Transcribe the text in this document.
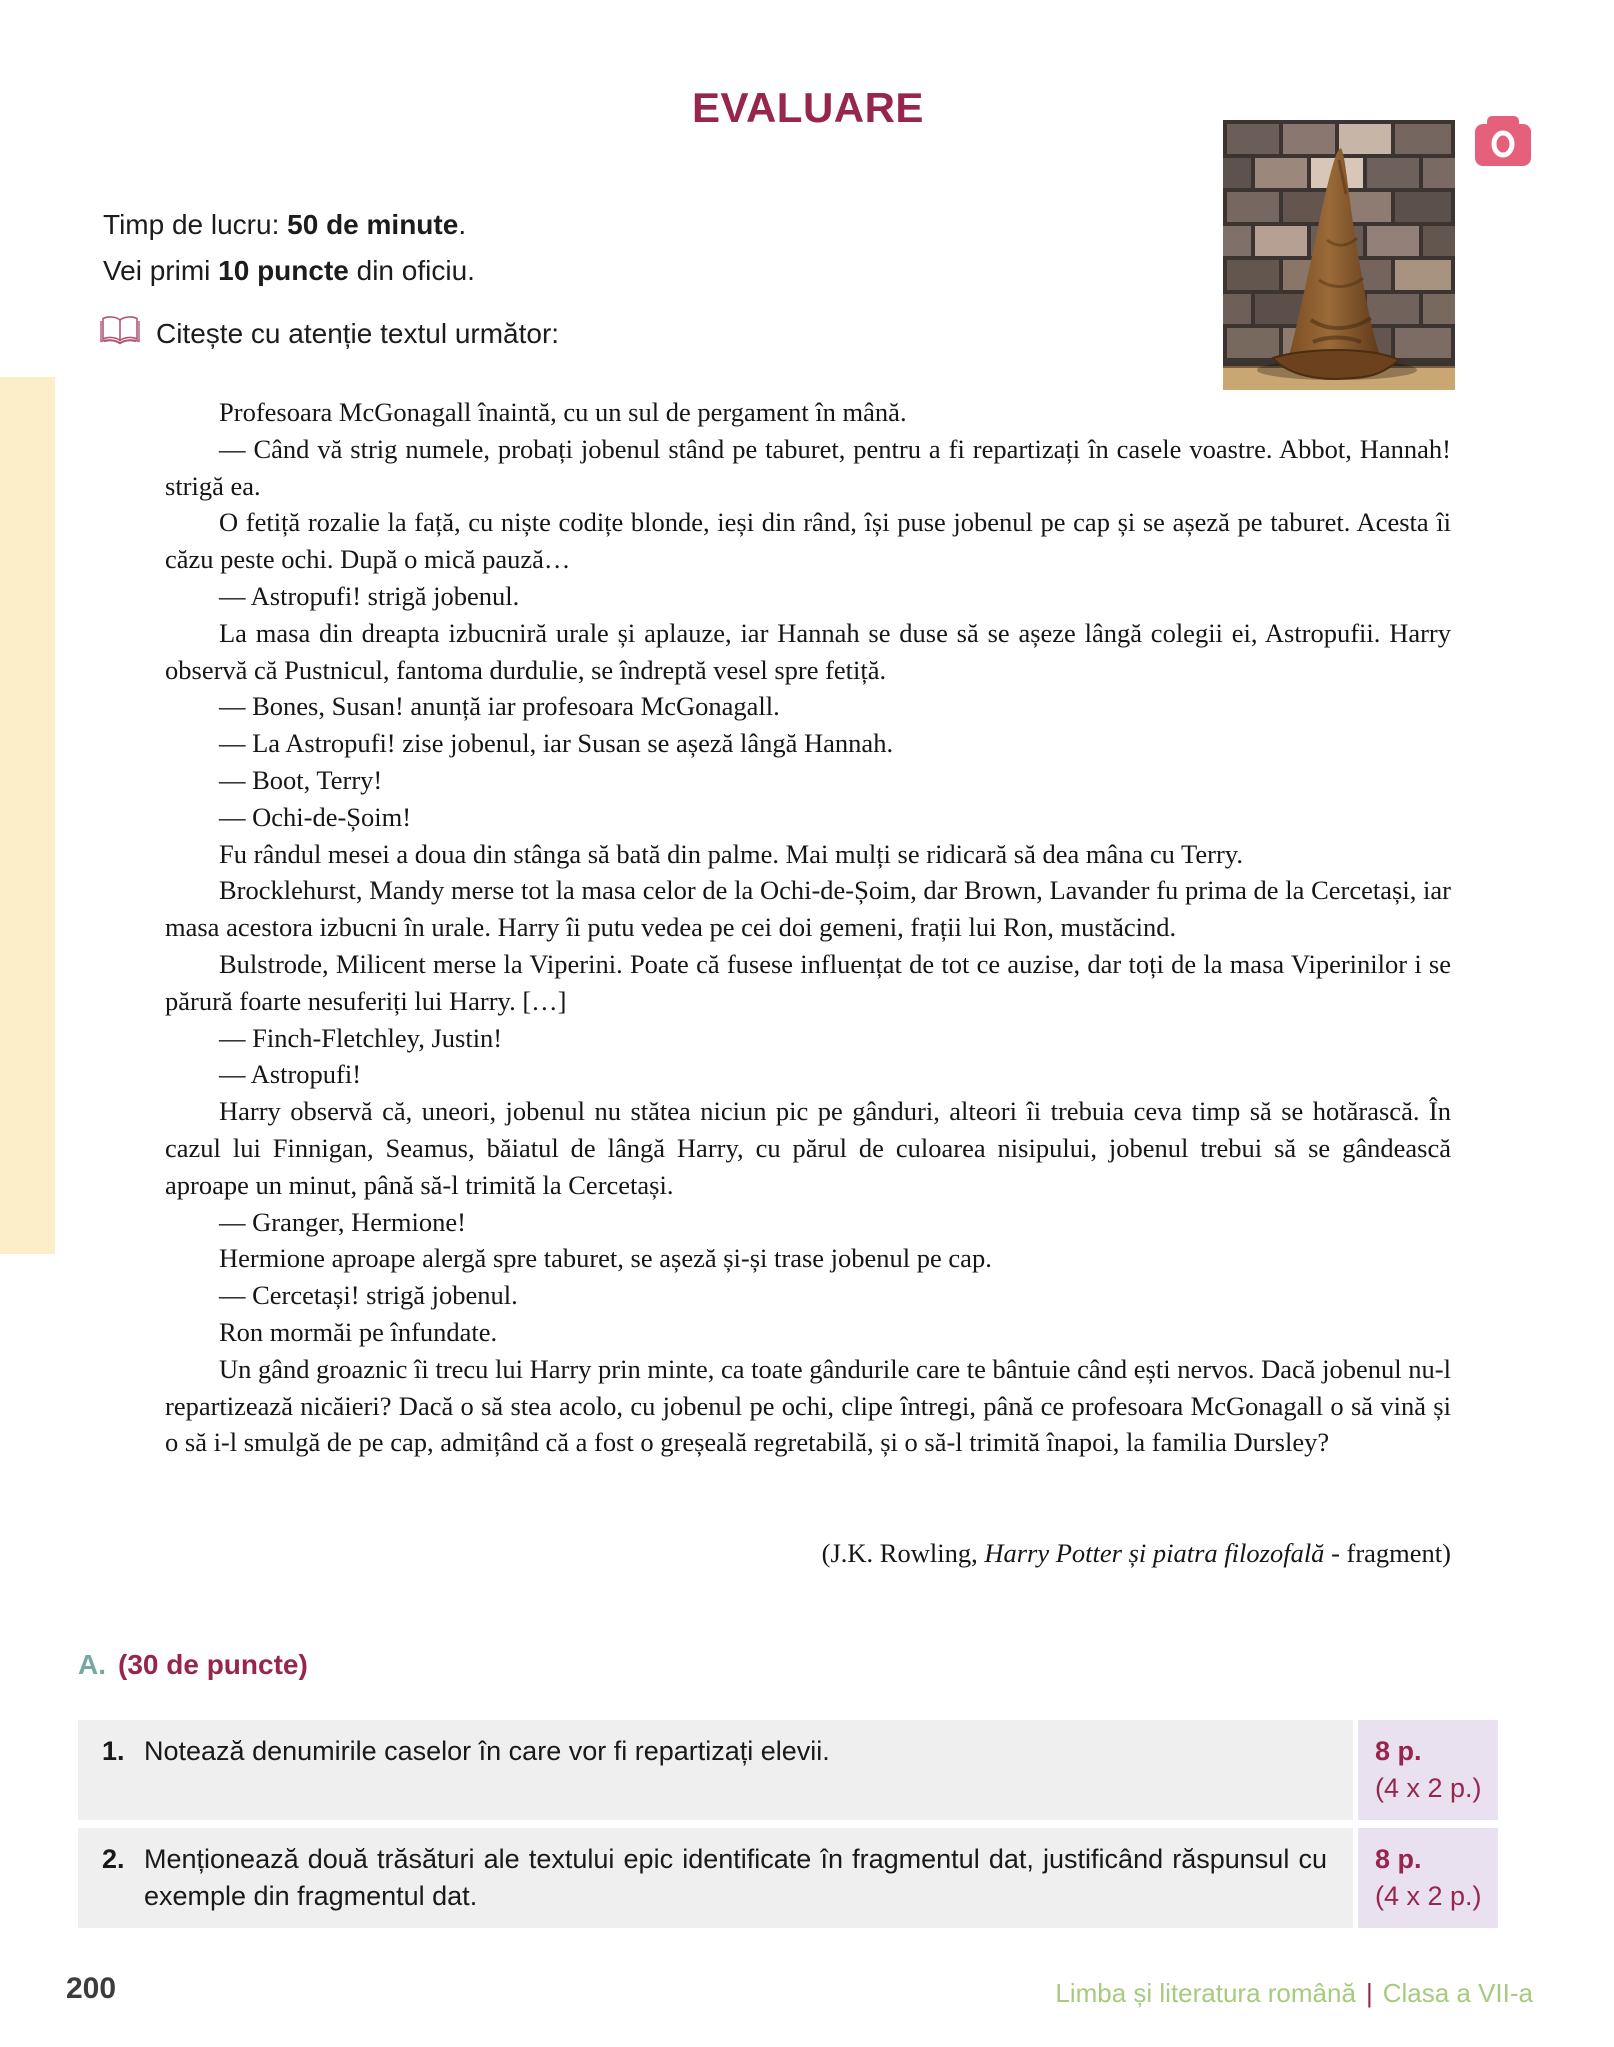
EVALUARE
Timp de lucru: 50 de minute.
Vei primi 10 puncte din oficiu.
Citește cu atenție textul următor:

Profesoara McGonagall înaintă, cu un sul de pergament în mână.

— Când vă strig numele, probați jobenul stând pe taburet, pentru a fi repartizați în casele voastre. Abbot, Hannah! strigă ea.

O fetiță rozalie la față, cu niște codițe blonde, ieși din rând, își puse jobenul pe cap și se așeză pe taburet. Acesta îi căzu peste ochi. După o mică pauză…

— Astropufi! strigă jobenul.

La masa din dreapta izbucniră urale și aplauze, iar Hannah se duse să se așeze lângă colegii ei, Astropufii. Harry observă că Pustnicul, fantoma durdulie, se îndreptă vesel spre fetiță.

— Bones, Susan! anunță iar profesoara McGonagall.

— La Astropufi! zise jobenul, iar Susan se așeză lângă Hannah.

— Boot, Terry!

— Ochi-de-Șoim!

Fu rândul mesei a doua din stânga să bată din palme. Mai mulți se ridicară să dea mâna cu Terry.

Brocklehurst, Mandy merse tot la masa celor de la Ochi-de-Șoim, dar Brown, Lavander fu prima de la Cercetași, iar masa acestora izbucni în urale. Harry îi putu vedea pe cei doi gemeni, frații lui Ron, mustăcind.

Bulstrode, Milicent merse la Viperini. Poate că fusese influențat de tot ce auzise, dar toți de la masa Viperinilor i se părură foarte nesuferiți lui Harry. […]

— Finch-Fletchley, Justin!

— Astropufi!

Harry observă că, uneori, jobenul nu stătea niciun pic pe gânduri, alteori îi trebuia ceva timp să se hotărască. În cazul lui Finnigan, Seamus, băiatul de lângă Harry, cu părul de culoarea nisipului, jobenul trebui să se gândească aproape un minut, până să-l trimită la Cercetași.

— Granger, Hermione!

Hermione aproape alergă spre taburet, se așeză și-și trase jobenul pe cap.

— Cercetași! strigă jobenul.

Ron mormăi pe înfundate.

Un gând groaznic îi trecu lui Harry prin minte, ca toate gândurile care te bântuie când ești nervos. Dacă jobenul nu-l repartizează nicăieri? Dacă o să stea acolo, cu jobenul pe ochi, clipe întregi, până ce profesoara McGonagall o să vină și o să i-l smulgă de pe cap, admițând că a fost o greșeală regretabilă, și o să-l trimită înapoi, la familia Dursley?

(J.K. Rowling, Harry Potter și piatra filozofală - fragment)

A. (30 de puncte)
1. Notează denumirile caselor în care vor fi repartizați elevii.	8 p.
(4 x 2 p.)
2. Menționează două trăsături ale textului epic identificate în fragmentul dat, justificând răspunsul cu exemple din fragmentul dat.
8 p.
(4 x 2 p.)
200	Limba și literatura română | Clasa a VII-a
